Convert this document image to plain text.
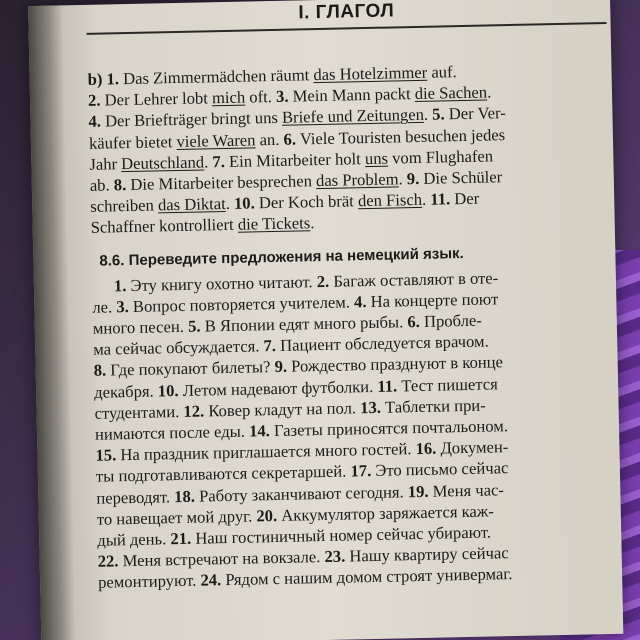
I. ГЛАГОЛ

b) 1. Das Zimmermädchen räumt das Hotelzimmer auf.

2. Der Lehrer lobt mich oft. 3. Mein Mann packt die Sachen.

4. Der Briefträger bringt uns Briefe und Zeitungen. 5. Der Ver-

käufer bietet viele Waren an. 6. Viele Touristen besuchen jedes

Jahr Deutschland. 7. Ein Mitarbeiter holt uns vom Flughafen

ab. 8. Die Mitarbeiter besprechen das Problem. 9. Die Schüler

schreiben das Diktat. 10. Der Koch brät den Fisch. 11. Der

Schaffner kontrolliert die Tickets.

8.6. Переведите предложения на немецкий язык.

1. Эту книгу охотно читают. 2. Багаж оставляют в оте-

ле. 3. Вопрос повторяется учителем. 4. На концерте поют

много песен. 5. В Японии едят много рыбы. 6. Пробле-

ма сейчас обсуждается. 7. Пациент обследуется врачом.

8. Где покупают билеты? 9. Рождество празднуют в конце

декабря. 10. Летом надевают футболки. 11. Тест пишется

студентами. 12. Ковер кладут на пол. 13. Таблетки при-

нимаются после еды. 14. Газеты приносятся почтальоном.

15. На праздник приглашается много гостей. 16. Докумен-

ты подготавливаются секретаршей. 17. Это письмо сейчас

переводят. 18. Работу заканчивают сегодня. 19. Меня час-

то навещает мой друг. 20. Аккумулятор заряжается каж-

дый день. 21. Наш гостиничный номер сейчас убирают.

22. Меня встречают на вокзале. 23. Нашу квартиру сейчас

ремонтируют. 24. Рядом с нашим домом строят универмаг.
